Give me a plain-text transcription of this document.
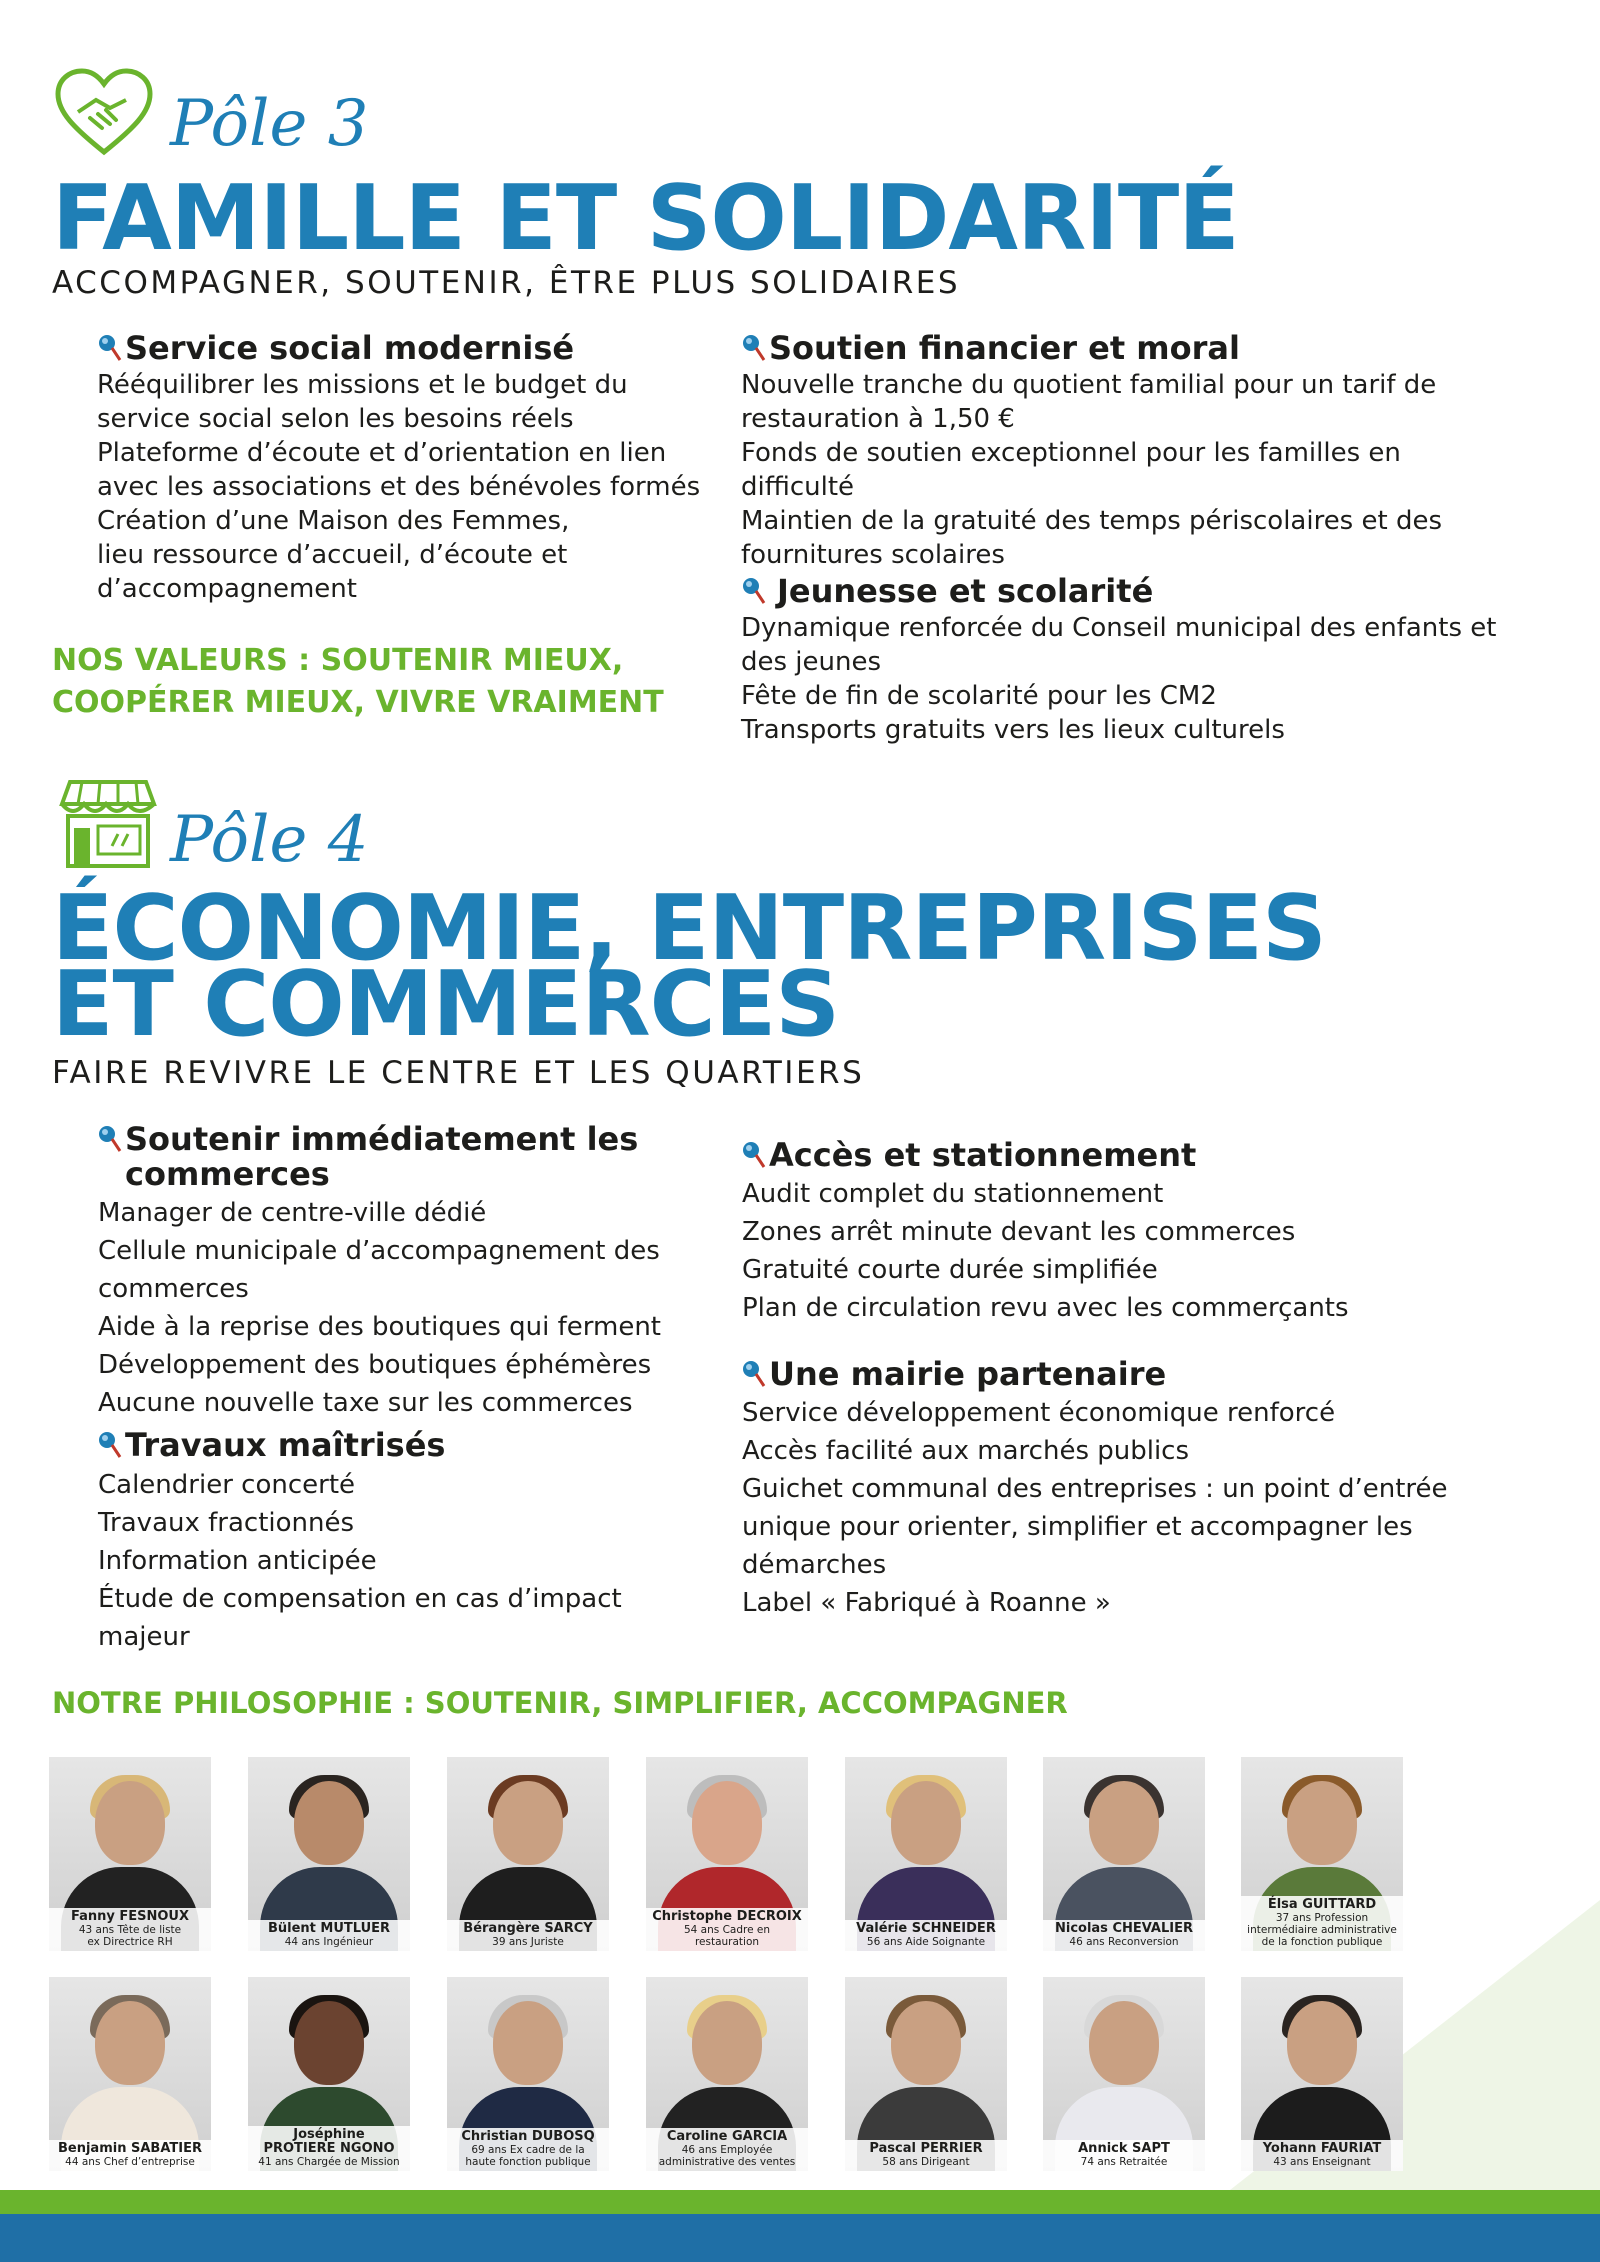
Pôle 3
FAMILLE ET SOLIDARITÉ
ACCOMPAGNER, SOUTENIR, ÊTRE PLUS SOLIDAIRES
Service social modernisé
Rééquilibrer les missions et le budget du
service social selon les besoins réels
Plateforme d’écoute et d’orientation en lien
avec les associations et des bénévoles formés
Création d’une Maison des Femmes,
lieu ressource d’accueil, d’écoute et
d’accompagnement
NOS VALEURS : SOUTENIR MIEUX,
COOPÉRER MIEUX, VIVRE VRAIMENT
Soutien financier et moral
Nouvelle tranche du quotient familial pour un tarif de
restauration à 1,50 €
Fonds de soutien exceptionnel pour les familles en difficulté
Maintien de la gratuité des temps périscolaires et des
fournitures scolaires
Jeunesse et scolarité
Dynamique renforcée du Conseil municipal des enfants et
des jeunes
Fête de fin de scolarité pour les CM2
Transports gratuits vers les lieux culturels
Pôle 4
ÉCONOMIE, ENTREPRISES
ET COMMERCES
FAIRE REVIVRE LE CENTRE ET LES QUARTIERS
Soutenir immédiatement les
commerces
Manager de centre-ville dédié
Cellule municipale d’accompagnement des
commerces
Aide à la reprise des boutiques qui ferment
Développement des boutiques éphémères
Aucune nouvelle taxe sur les commerces
Travaux maîtrisés
Calendrier concerté
Travaux fractionnés
Information anticipée
Étude de compensation en cas d’impact
majeur
Accès et stationnement
Audit complet du stationnement
Zones arrêt minute devant les commerces
Gratuité courte durée simplifiée
Plan de circulation revu avec les commerçants
Une mairie partenaire
Service développement économique renforcé
Accès facilité aux marchés publics
Guichet communal des entreprises : un point d’entrée
unique pour orienter, simplifier et accompagner les
démarches
Label « Fabriqué à Roanne »
NOTRE PHILOSOPHIE : SOUTENIR, SIMPLIFIER, ACCOMPAGNER
Fanny FESNOUX
43 ans Tête de liste
ex Directrice RH
Bülent MUTLUER
44 ans Ingénieur
Bérangère SARCY
39 ans Juriste
Christophe DECROIX
54 ans Cadre en
restauration
Valérie SCHNEIDER
56 ans Aide Soignante
Nicolas CHEVALIER
46 ans Reconversion
Élsa GUITTARD
37 ans Profession
intermédiaire administrative
de la fonction publique
Benjamin SABATIER
44 ans Chef d’entreprise
Joséphine
PROTIERE NGONO
41 ans Chargée de Mission
Christian DUBOSQ
69 ans Ex cadre de la
haute fonction publique
Caroline GARCIA
46 ans Employée
administrative des ventes
Pascal PERRIER
58 ans Dirigeant
Annick SAPT
74 ans Retraitée
Yohann FAURIAT
43 ans Enseignant
